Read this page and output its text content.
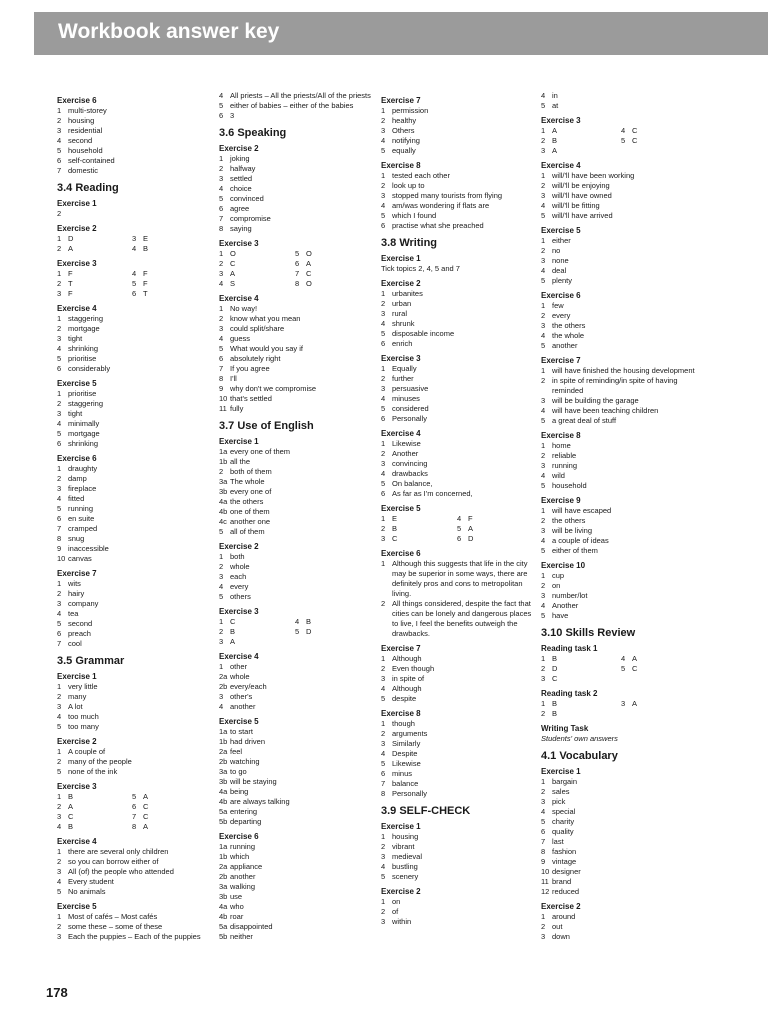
Workbook answer key
Exercise 6
1 multi-storey
2 housing
3 residential
4 second
5 household
6 self-contained
7 domestic
3.4 Reading
Exercise 1
2
Exercise 2
1 D	3 E
2 A	4 B
Exercise 3
1 F	4 F
2 T	5 F
3 F	6 T
Exercise 4
1 staggering
2 mortgage
3 tight
4 shrinking
5 prioritise
6 considerably
Exercise 5
1 prioritise
2 staggering
3 tight
4 minimally
5 mortgage
6 shrinking
Exercise 6
1 draughty
2 damp
3 fireplace
4 fitted
5 running
6 en suite
7 cramped
8 snug
9 inaccessible
10 canvas
Exercise 7
1 wits
2 hairy
3 company
4 tea
5 second
6 preach
7 cool
3.5 Grammar
Exercise 1
1 very little
2 many
3 A lot
4 too much
5 too many
Exercise 2
1 A couple of
2 many of the people
5 none of the ink
Exercise 3
1 B	5 A
2 A	6 C
3 C	7 C
4 B	8 A
Exercise 4
1 there are several only children
2 so you can borrow either of
3 All (of) the people who attended
4 Every student
5 No animals
Exercise 5
1 Most of cafés – Most cafés
2 some these – some of these
3 Each the puppies – Each of the puppies
4 All priests – All the priests/All of the priests
5 either of babies – either of the babies
6 3
3.6 Speaking
Exercise 2
1 joking
2 halfway
3 settled
4 choice
5 convinced
6 agree
7 compromise
8 saying
Exercise 3
1 O	5 O
2 C	6 A
3 A	7 C
4 S	8 O
Exercise 4
1 No way!
2 know what you mean
3 could split/share
4 guess
5 What would you say if
6 absolutely right
7 If you agree
8 I'll
9 why don't we compromise
10 that's settled
11 fully
3.7 Use of English
Exercise 1
1a every one of them
1b all the
2 both of them
3a The whole
3b every one of
4a the others
4b one of them
4c another one
5 all of them
Exercise 2
1 both
2 whole
3 each
4 every
5 others
Exercise 3
1 C	4 B
2 B	5 D
3 A
Exercise 4
1 other
2a whole
2b every/each
3 other's
4 another
Exercise 5
1a to start
1b had driven
2a feel
2b watching
3a to go
3b will be staying
4a being
4b are always talking
5a entering
5b departing
Exercise 6
1a running
1b which
2a appliance
2b another
3a walking
3b use
4a who
4b roar
5a disappointed
5b neither
Exercise 7
1 permission
2 healthy
3 Others
4 notifying
5 equally
Exercise 8
1 tested each other
2 look up to
3 stopped many tourists from flying
4 am/was wondering if flats are
5 which I found
6 practise what she preached
3.8 Writing
Exercise 1
Tick topics 2, 4, 5 and 7
Exercise 2
1 urbanites
2 urban
3 rural
4 shrunk
5 disposable income
6 enrich
Exercise 3
1 Equally
2 further
3 persuasive
4 minuses
5 considered
6 Personally
Exercise 4
1 Likewise
2 Another
3 convincing
4 drawbacks
5 On balance,
6 As far as I'm concerned,
Exercise 5
1 E	4 F
2 B	5 A
3 C	6 D
Exercise 6
1 Although this suggests that life in the city may be superior in some ways, there are definitely pros and cons to metropolitan living.
2 All things considered, despite the fact that cities can be lonely and dangerous places to live, I feel the benefits outweigh the drawbacks.
Exercise 7
1 Although
2 Even though
3 in spite of
4 Although
5 despite
Exercise 8
1 though
2 arguments
3 Similarly
4 Despite
5 Likewise
6 minus
7 balance
8 Personally
3.9 SELF-CHECK
Exercise 1
1 housing
2 vibrant
3 medieval
4 bustling
5 scenery
Exercise 2
1 on
2 of
3 within
4 in
5 at
Exercise 3
1 A	4 C
2 B	5 C
3 A
Exercise 4
1 will/'ll have been working
2 will/'ll be enjoying
3 will/'ll have owned
4 will/'ll be fitting
5 will/'ll have arrived
Exercise 5
1 either
2 no
3 none
4 deal
5 plenty
Exercise 6
1 few
2 every
3 the others
4 the whole
5 another
Exercise 7
1 will have finished the housing development
2 in spite of reminding/in spite of having reminded
3 will be building the garage
4 will have been teaching children
5 a great deal of stuff
Exercise 8
1 home
2 reliable
3 running
4 wild
5 household
Exercise 9
1 will have escaped
2 the others
3 will be living
4 a couple of ideas
5 either of them
Exercise 10
1 cup
2 on
3 number/lot
4 Another
5 have
3.10 Skills Review
Reading task 1
1 B	4 A
2 D	5 C
3 C
Reading task 2
1 B	3 A
2 B
Writing Task
Students' own answers
4.1 Vocabulary
Exercise 1
1 bargain
2 sales
3 pick
4 special
5 charity
6 quality
7 last
8 fashion
9 vintage
10 designer
11 brand
12 reduced
Exercise 2
1 around
2 out
3 down
178
